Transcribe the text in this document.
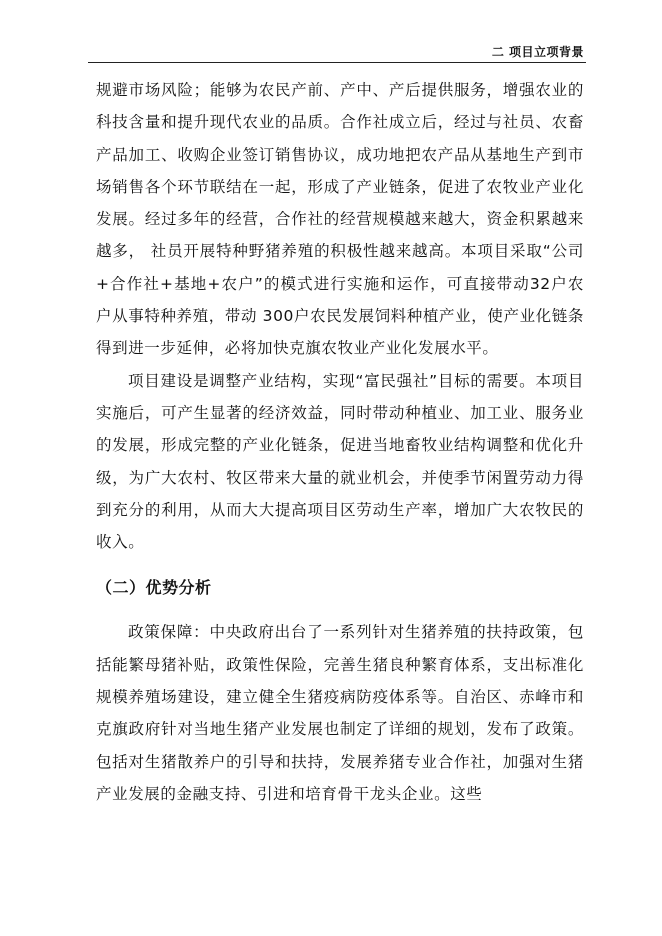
二 项目立项背景

规避市场风险；能够为农民产前、产中、产后提供服务，增强农业的科技含量和提升现代农业的品质。合作社成立后，经过与社员、农畜产品加工、收购企业签订销售协议，成功地把农产品从基地生产到市场销售各个环节联结在一起，形成了产业链条，促进了农牧业产业化发展。经过多年的经营，合作社的经营规模越来越大，资金积累越来越多， 社员开展特种野猪养殖的积极性越来越高。本项目采取“公司+合作社+基地+农户”的模式进行实施和运作，可直接带动32户农户从事特种养殖，带动 300户农民发展饲料种植产业，使产业化链条得到进一步延伸，必将加快克旗农牧业产业化发展水平。

项目建设是调整产业结构，实现“富民强社”目标的需要。本项目实施后，可产生显著的经济效益，同时带动种植业、加工业、服务业的发展，形成完整的产业化链条，促进当地畜牧业结构调整和优化升级，为广大农村、牧区带来大量的就业机会，并使季节闲置劳动力得到充分的利用，从而大大提高项目区劳动生产率，增加广大农牧民的收入。

（二）优势分析

政策保障：中央政府出台了一系列针对生猪养殖的扶持政策，包括能繁母猪补贴，政策性保险，完善生猪良种繁育体系，支出标准化规模养殖场建设，建立健全生猪疫病防疫体系等。自治区、赤峰市和克旗政府针对当地生猪产业发展也制定了详细的规划，发布了政策。包括对生猪散养户的引导和扶持，发展养猪专业合作社，加强对生猪产业发展的金融支持、引进和培育骨干龙头企业。这些
